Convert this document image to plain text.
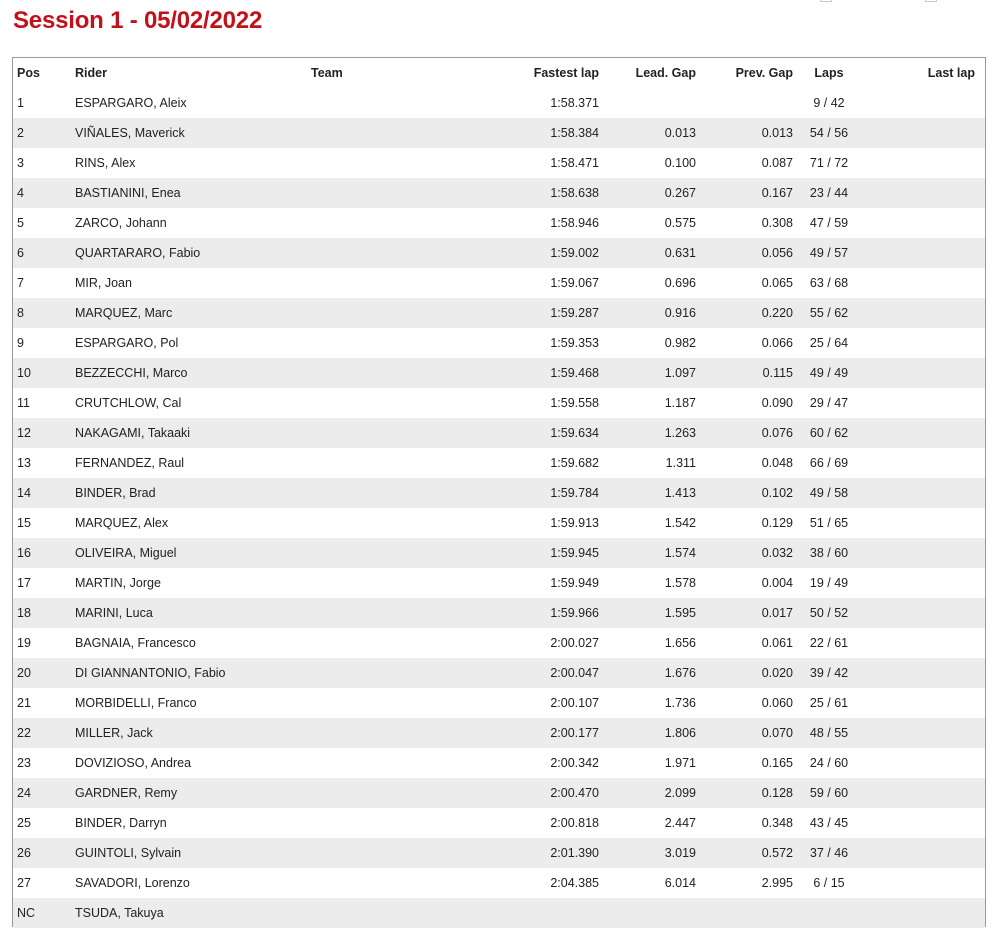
Session 1 - 05/02/2022
Pos	Rider	Team	Fastest lap	Lead. Gap	Prev. Gap	Laps	Last lap
1	ESPARGARO, Aleix		1:58.371			9 / 42	
2	VIÑALES, Maverick		1:58.384	0.013	0.013	54 / 56	
3	RINS, Alex		1:58.471	0.100	0.087	71 / 72	
4	BASTIANINI, Enea		1:58.638	0.267	0.167	23 / 44	
5	ZARCO, Johann		1:58.946	0.575	0.308	47 / 59	
6	QUARTARARO, Fabio		1:59.002	0.631	0.056	49 / 57	
7	MIR, Joan		1:59.067	0.696	0.065	63 / 68	
8	MARQUEZ, Marc		1:59.287	0.916	0.220	55 / 62	
9	ESPARGARO, Pol		1:59.353	0.982	0.066	25 / 64	
10	BEZZECCHI, Marco		1:59.468	1.097	0.115	49 / 49	
11	CRUTCHLOW, Cal		1:59.558	1.187	0.090	29 / 47	
12	NAKAGAMI, Takaaki		1:59.634	1.263	0.076	60 / 62	
13	FERNANDEZ, Raul		1:59.682	1.311	0.048	66 / 69	
14	BINDER, Brad		1:59.784	1.413	0.102	49 / 58	
15	MARQUEZ, Alex		1:59.913	1.542	0.129	51 / 65	
16	OLIVEIRA, Miguel		1:59.945	1.574	0.032	38 / 60	
17	MARTIN, Jorge		1:59.949	1.578	0.004	19 / 49	
18	MARINI, Luca		1:59.966	1.595	0.017	50 / 52	
19	BAGNAIA, Francesco		2:00.027	1.656	0.061	22 / 61	
20	DI GIANNANTONIO, Fabio		2:00.047	1.676	0.020	39 / 42	
21	MORBIDELLI, Franco		2:00.107	1.736	0.060	25 / 61	
22	MILLER, Jack		2:00.177	1.806	0.070	48 / 55	
23	DOVIZIOSO, Andrea		2:00.342	1.971	0.165	24 / 60	
24	GARDNER, Remy		2:00.470	2.099	0.128	59 / 60	
25	BINDER, Darryn		2:00.818	2.447	0.348	43 / 45	
26	GUINTOLI, Sylvain		2:01.390	3.019	0.572	37 / 46	
27	SAVADORI, Lorenzo		2:04.385	6.014	2.995	6 / 15	
NC	TSUDA, Takuya						
